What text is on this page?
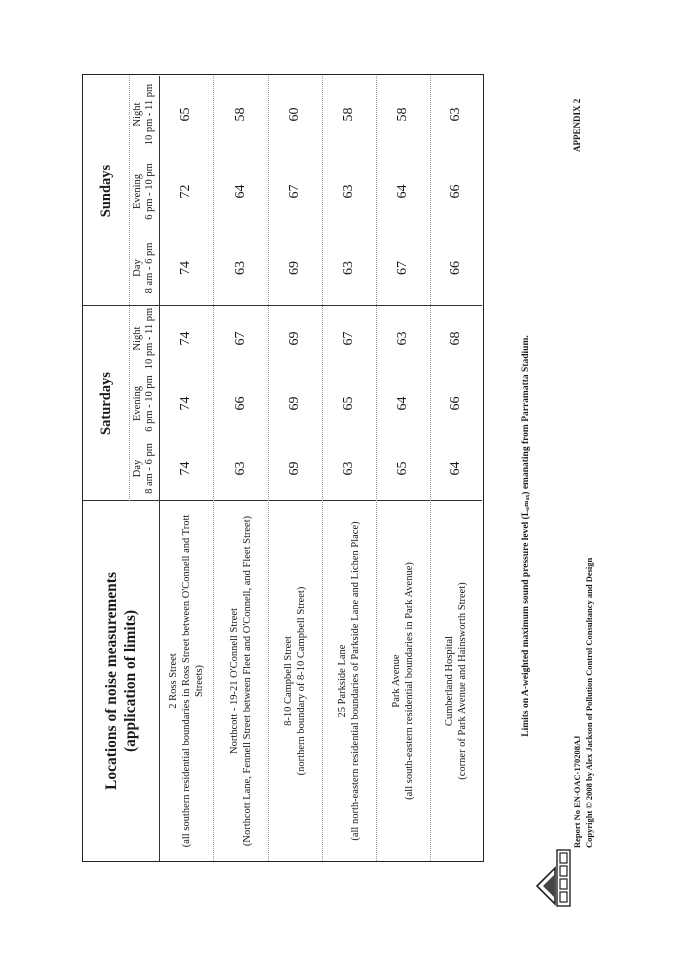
Locations of noise measurements (application of limits)
Saturdays
Sundays
Day 8 am - 6 pm
Evening 6 pm - 10 pm
Night 10 pm - 11 pm
Day 8 am - 6 pm
Evening 6 pm - 10 pm
Night 10 pm - 11 pm
2 Ross Street (all southern residential boundaries in Ross Street between O'Connell and Trott Streets)
74
74
74
74
72
65
Northcott - 19-21 O'Connell Street (Northcott Lane, Fennell Street between Fleet and O'Connell, and Fleet Street)
63
66
67
63
64
58
8-10 Campbell Street (northern boundary of 8-10 Campbell Street)
69
69
69
69
67
60
25 Parkside Lane (all north-eastern residential boundaries of Parkside Lane and Lichen Place)
63
65
67
63
63
58
Park Avenue (all south-eastern residential boundaries in Park Avenue)
65
64
63
67
64
58
Cumberland Hospital (corner of Park Avenue and Hainsworth Street)
64
66
68
66
66
63
Limits on A-weighted maximum sound pressure level (Lₐₘₐₓ) emanating from Parramatta Stadium.
Report No EN-OAC-170208AJ Copyright © 2008 by Alex Jackson of Pollution Control Consultancy and Design
APPENDIX 2
